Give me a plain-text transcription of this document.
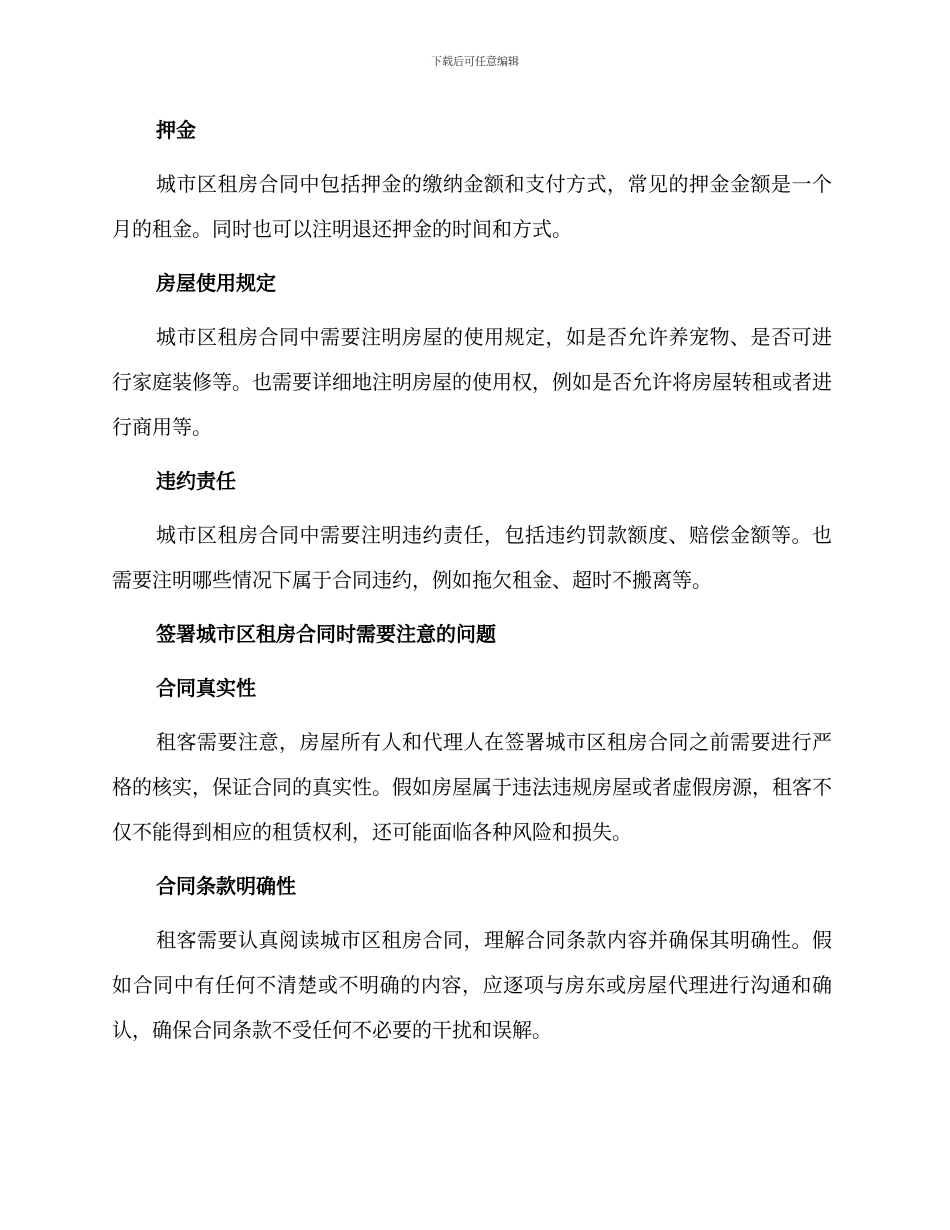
下载后可任意编辑
押金

城市区租房合同中包括押金的缴纳金额和支付方式，常见的押金金额是一个月的租金。同时也可以注明退还押金的时间和方式。

房屋使用规定

城市区租房合同中需要注明房屋的使用规定，如是否允许养宠物、是否可进行家庭装修等。也需要详细地注明房屋的使用权，例如是否允许将房屋转租或者进行商用等。

违约责任

城市区租房合同中需要注明违约责任，包括违约罚款额度、赔偿金额等。也需要注明哪些情况下属于合同违约，例如拖欠租金、超时不搬离等。

签署城市区租房合同时需要注意的问题
合同真实性

租客需要注意，房屋所有人和代理人在签署城市区租房合同之前需要进行严格的核实，保证合同的真实性。假如房屋属于违法违规房屋或者虚假房源，租客不仅不能得到相应的租赁权利，还可能面临各种风险和损失。

合同条款明确性

租客需要认真阅读城市区租房合同，理解合同条款内容并确保其明确性。假如合同中有任何不清楚或不明确的内容，应逐项与房东或房屋代理进行沟通和确认，确保合同条款不受任何不必要的干扰和误解。
